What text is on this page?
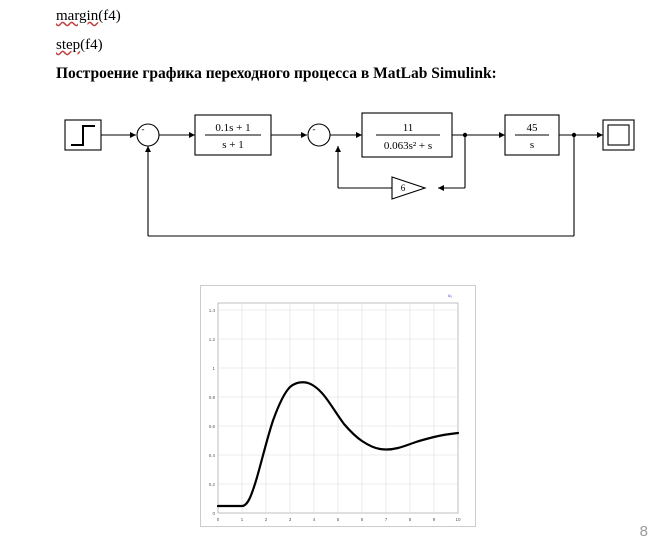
margin(f4)
step(f4)
Построение графика переходного процесса в MatLab Simulink:
-	-
0.1s + 1
s + 1
11
0.063s² + s
45
s
6
0
0.2
0.4
0.6
0.8
1
1.2
1.4
0	1	2	3	4	5	6	7	8	9	10
u₁
8
